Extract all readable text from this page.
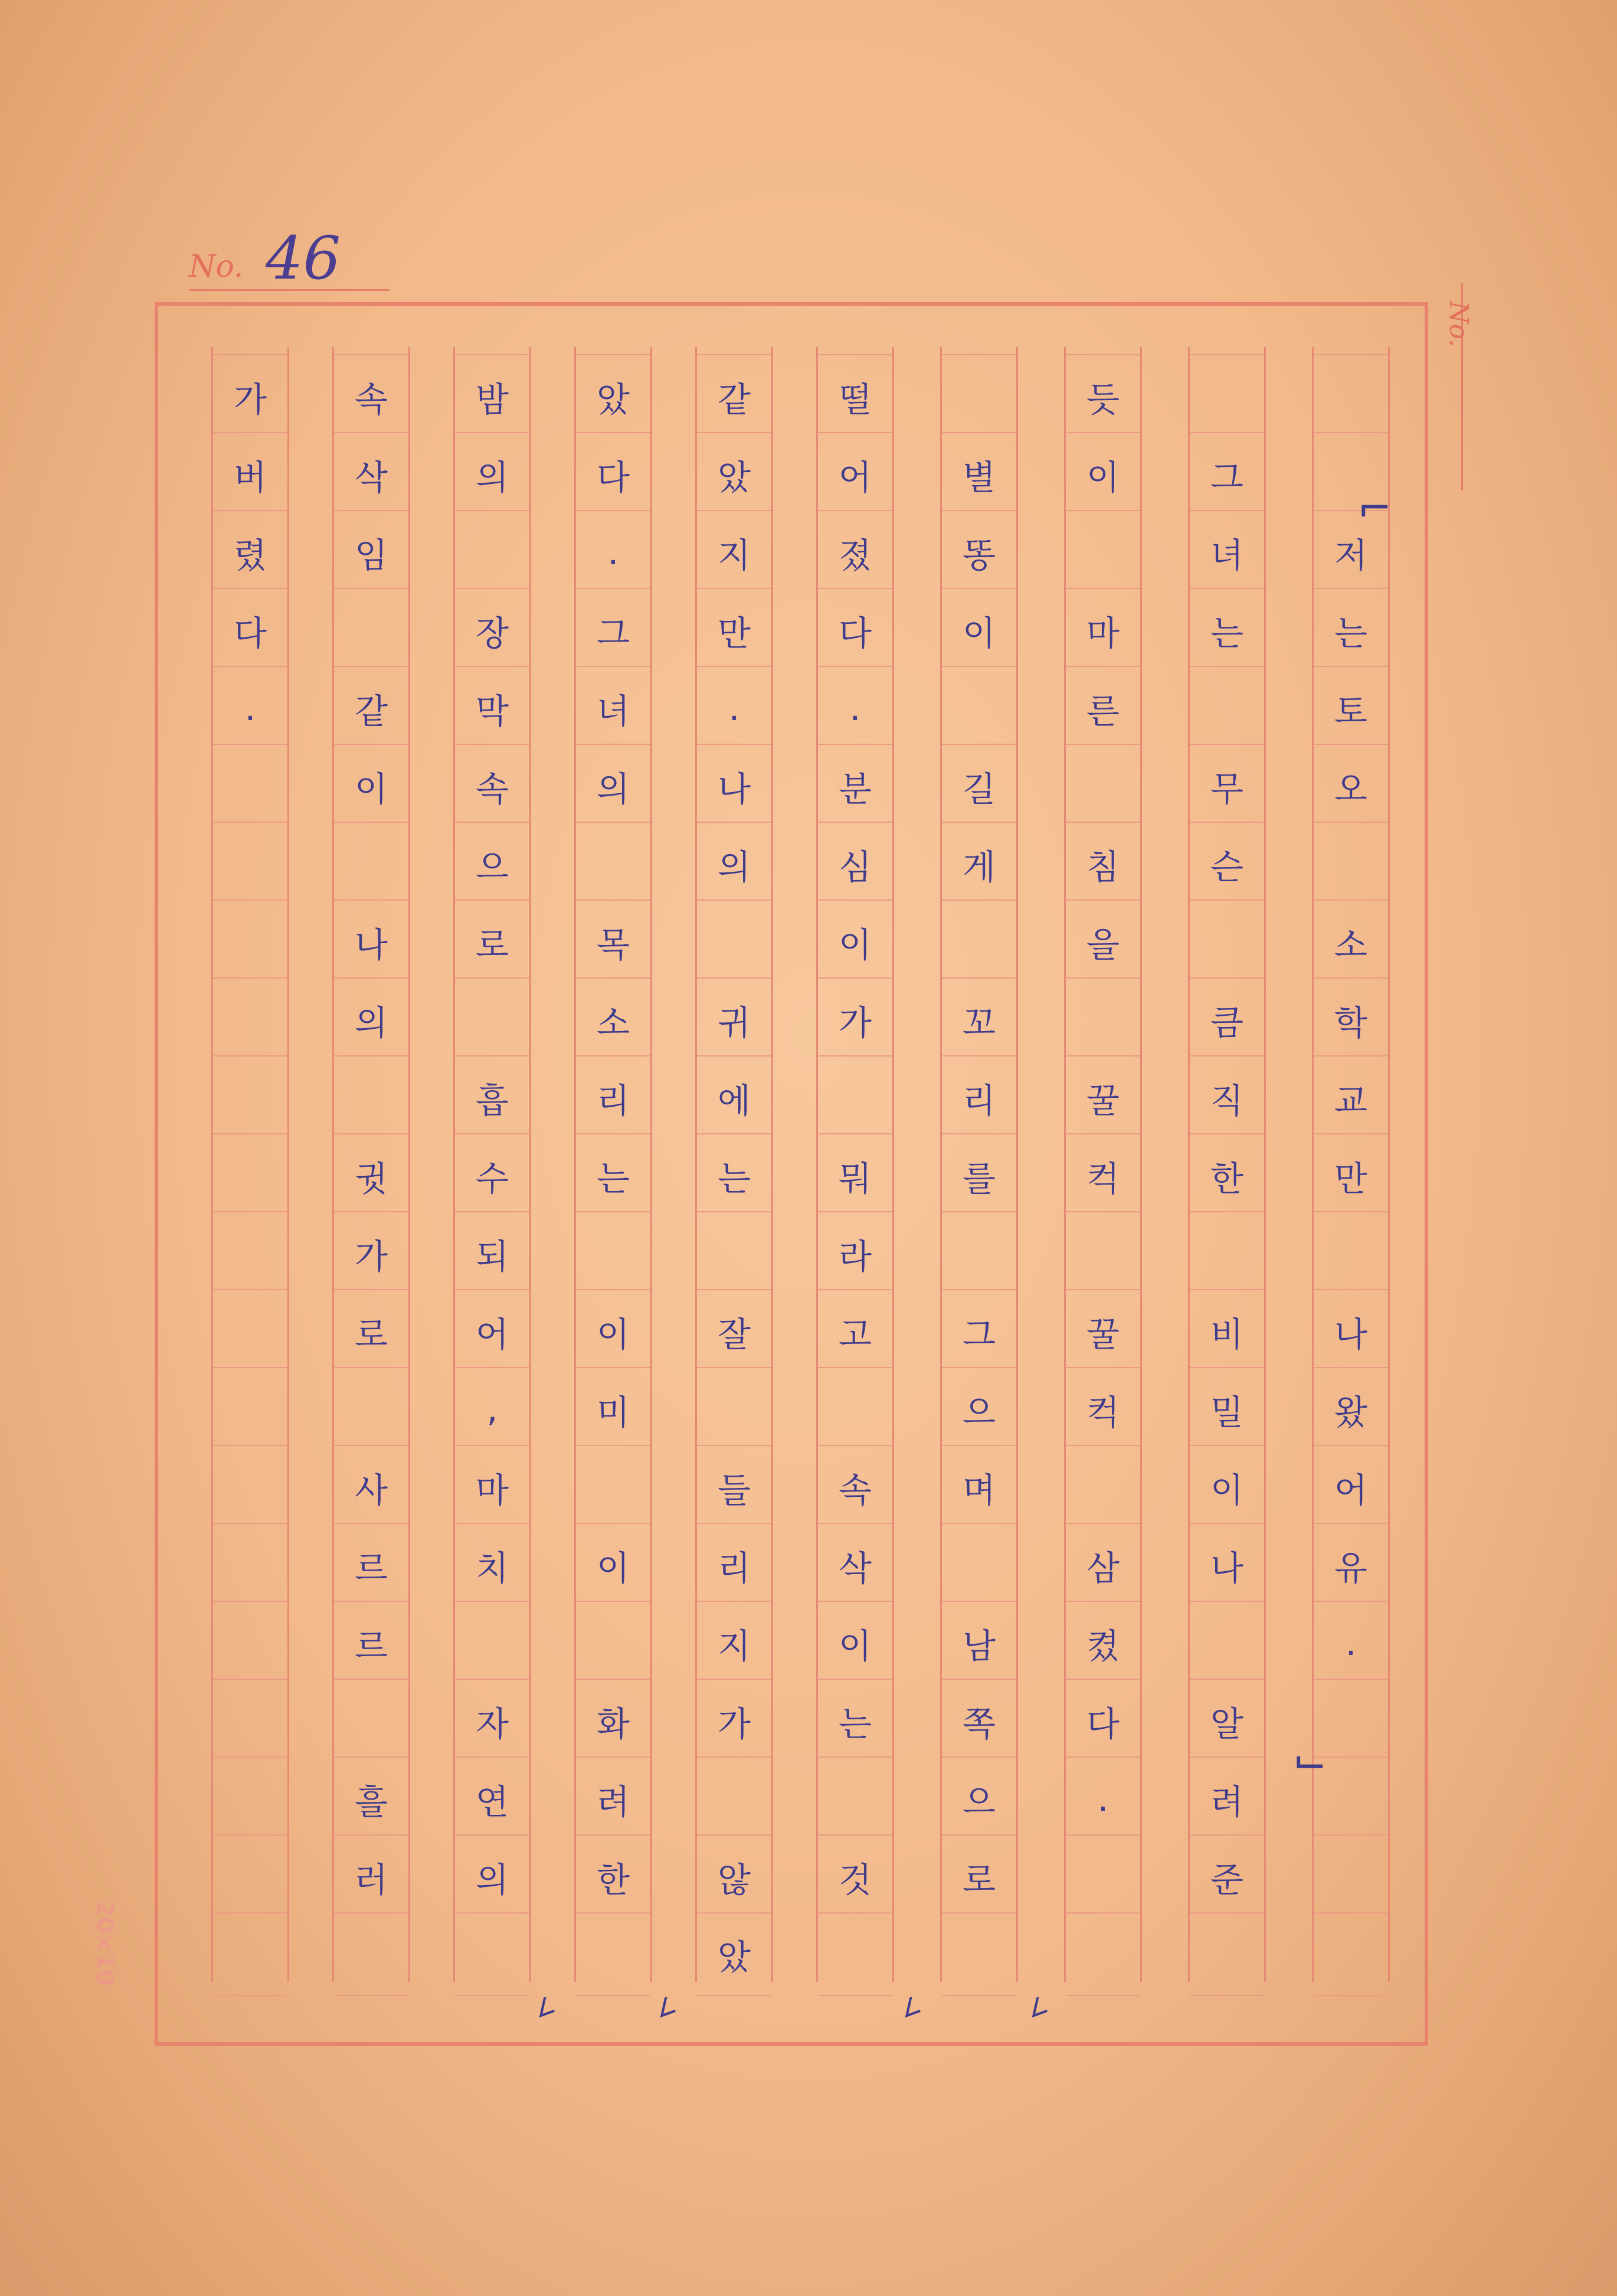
No. 46
No.
저
는
토
오
소
학
교
만
나
왔
어
유
.
그
녀
는
무
슨
큼
직
한
비
밀
이
나
알
려
준
듯
이
마
른
침
을
꿀
컥
꿀
컥
삼
켰
다
.
별
똥
이
길
게
꼬
리
를
그
으
며
남
쪽
으
로
떨
어
졌
다
.
분
심
이
가
뭐
라
고
속
삭
이
는
것
같
았
지
만
.
나
의
귀
에
는
잘
들
리
지
가
않
았
았
다
.
그
녀
의
목
소
리
는
이
미
이
화
려
한
밤
의
장
막
속
으
로
흡
수
되
어
,
마
치
자
연
의
속
삭
임
같
이
나
의
귓
가
로
사
르
르
흘
러
가
버
렸
다
.
20×10
⌐
⌙
∠	∠	∠	∠
